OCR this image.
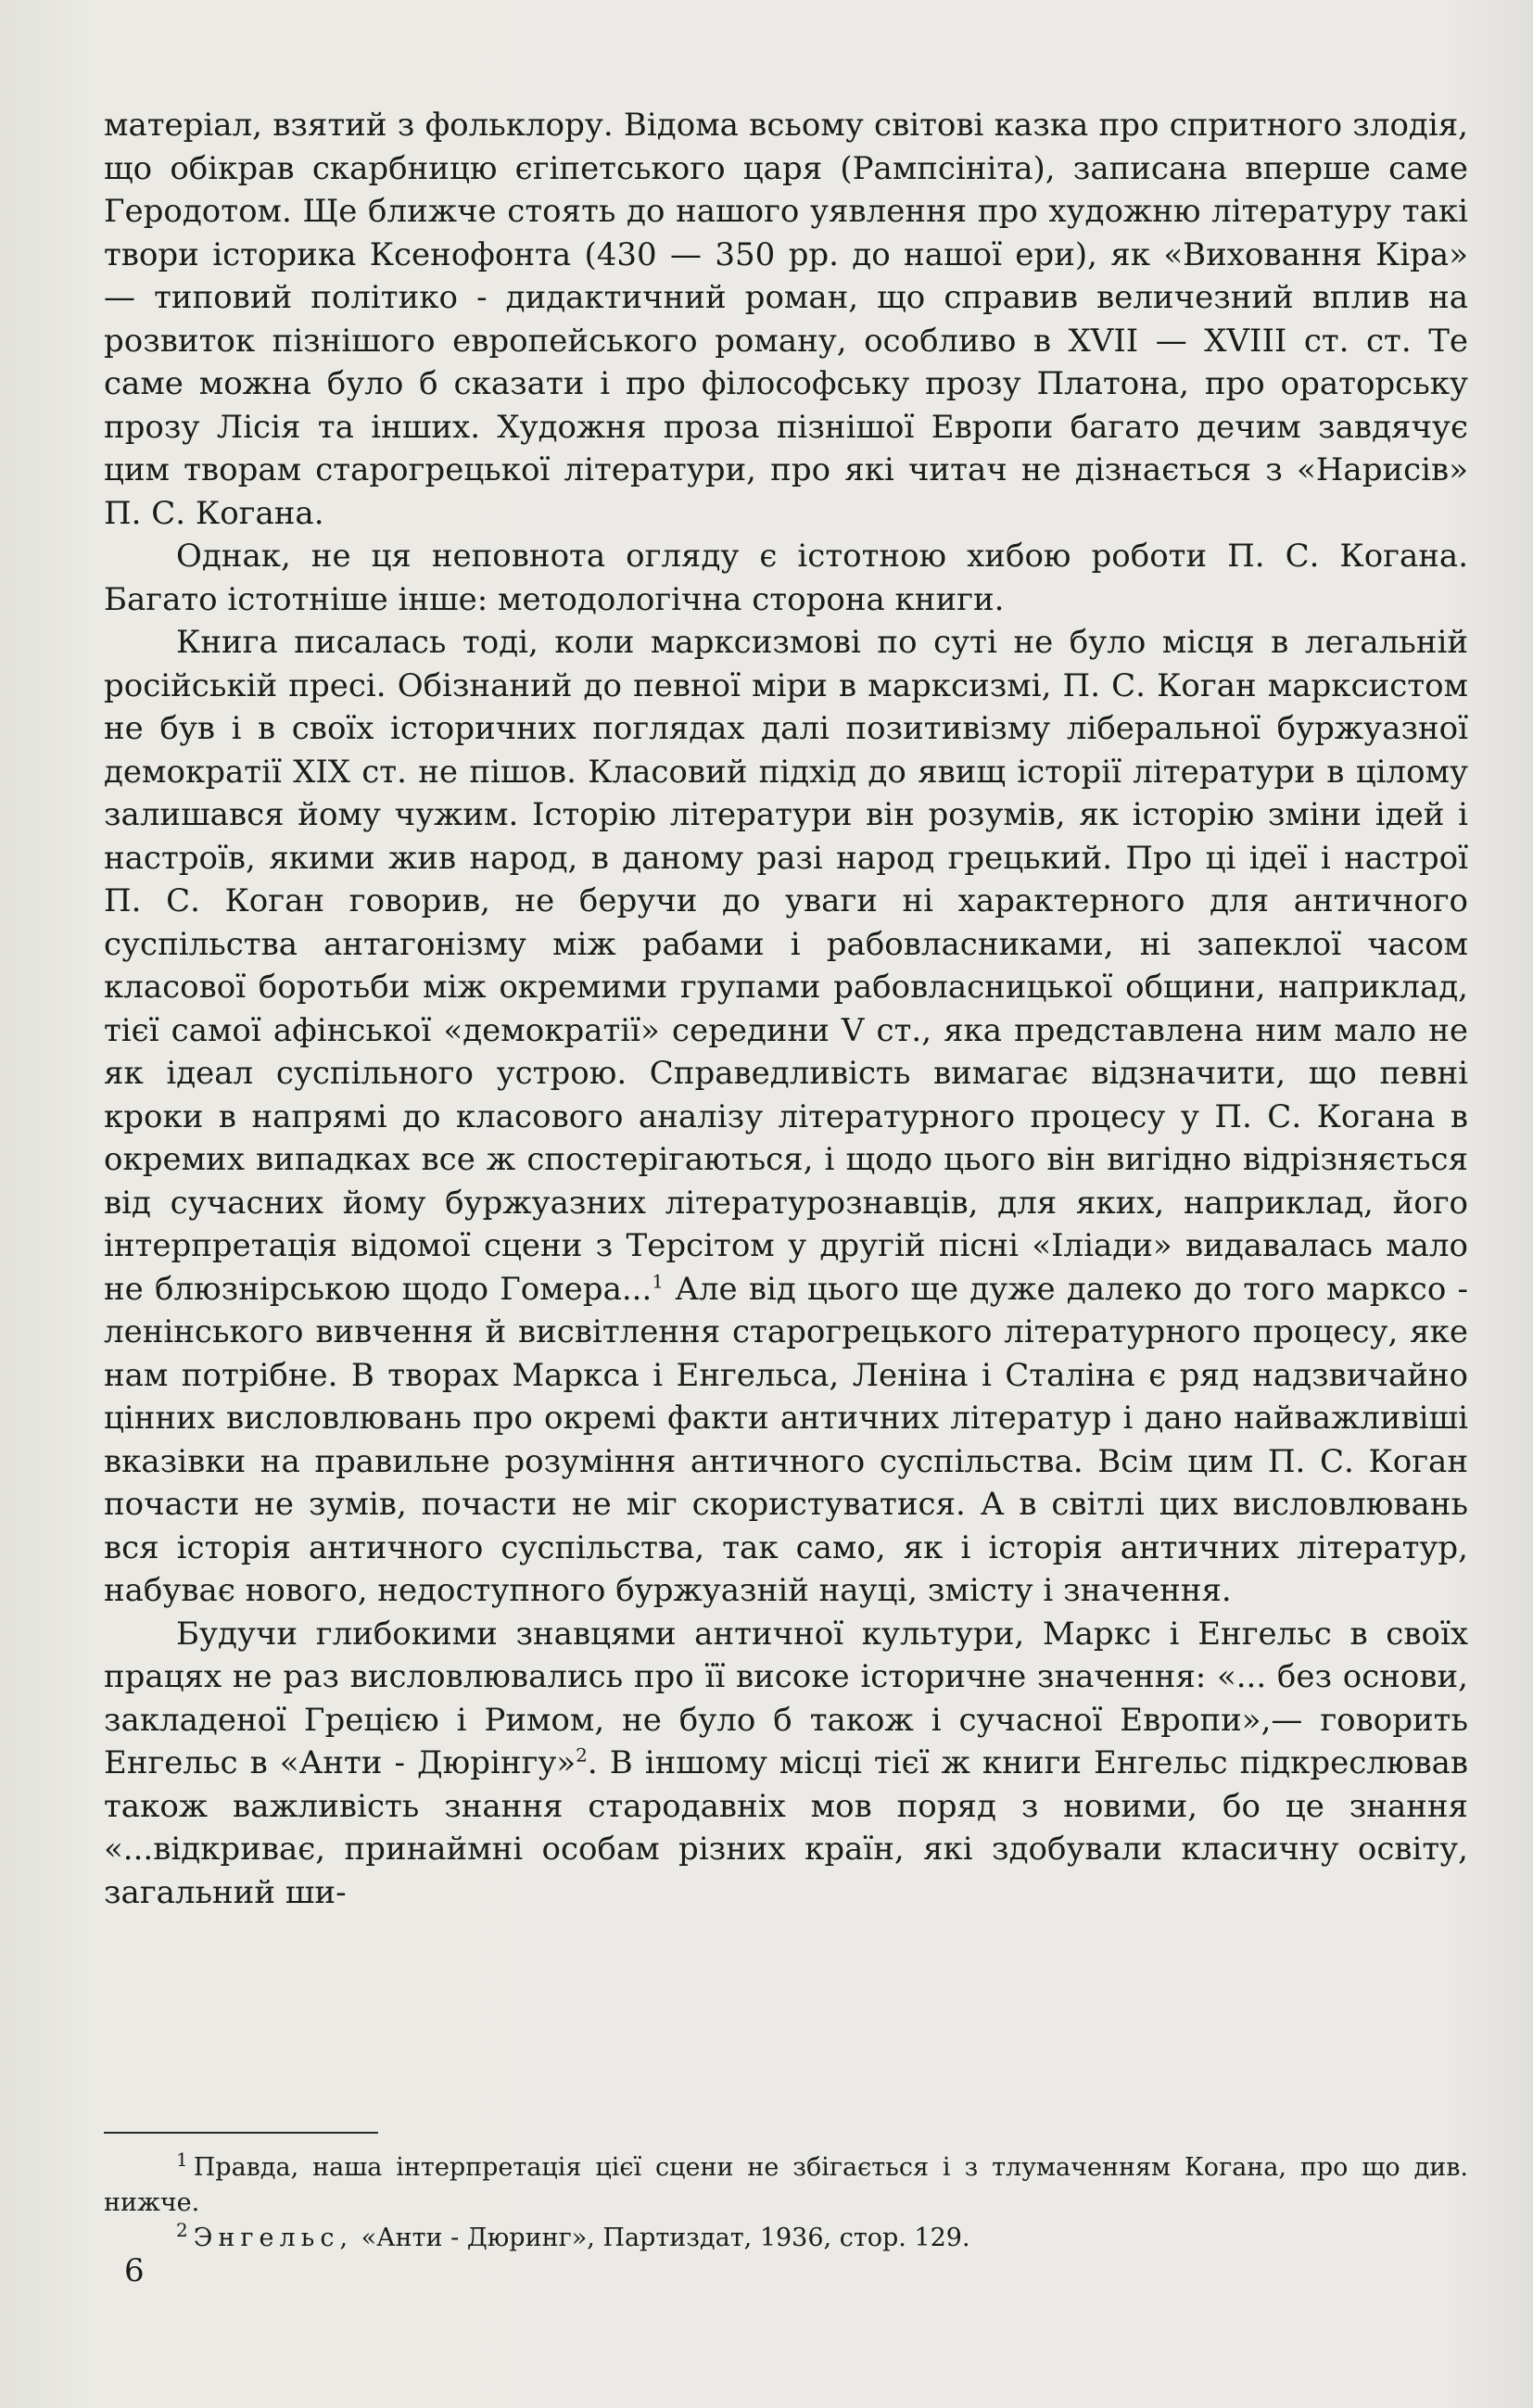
матеріал, взятий з фольклору. Відома всьому світові казка про спритного злодія, що обікрав скарбницю єгіпетського царя (Рампсініта), записана вперше саме Геродотом. Ще ближче стоять до нашого уявлення про художню літературу такі твори історика Ксенофонта (430 — 350 рр. до нашої ери), як «Виховання Кіра» — типовий політико - дидактичний роман, що справив величезний вплив на розвиток пізнішого европейського роману, особливо в XVII — XVIII ст. ст. Те саме можна було б сказати і про філософську прозу Платона, про ораторську прозу Лісія та інших. Художня проза пізнішої Европи багато дечим завдячує цим творам старогрецької літератури, про які читач не дізнається з «Нарисів» П. С. Когана.

Однак, не ця неповнота огляду є істотною хибою роботи П. С. Когана. Багато істотніше інше: методологічна сторона книги.

Книга писалась тоді, коли марксизмові по суті не було місця в легальній російській пресі. Обізнаний до певної міри в марксизмі, П. С. Коган марксистом не був і в своїх історичних поглядах далі позитивізму ліберальної буржуазної демократії XIX ст. не пішов. Класовий підхід до явищ історії літератури в цілому залишався йому чужим. Історію літератури він розумів, як історію зміни ідей і настроїв, якими жив народ, в даному разі народ грецький. Про ці ідеї і настрої П. С. Коган говорив, не беручи до уваги ні характерного для античного суспільства антагонізму між рабами і рабовласниками, ні запеклої часом класової боротьби між окремими групами рабовласницької общини, наприклад, тієї самої афінської «демократії» середини V ст., яка представлена ним мало не як ідеал суспільного устрою. Справедливість вимагає відзначити, що певні кроки в напрямі до класового аналізу літературного процесу у П. С. Когана в окремих випадках все ж спостерігаються, і щодо цього він вигідно відрізняється від сучасних йому буржуазних літературознавців, для яких, наприклад, його інтерпретація відомої сцени з Терсітом у другій пісні «Іліади» видавалась мало не блюзнірською щодо Гомера...$^1$ Але від цього ще дуже далеко до того марксо - ленінського вивчення й висвітлення старогрецького літературного процесу, яке нам потрібне. В творах Маркса і Енгельса, Леніна і Сталіна є ряд надзвичайно цінних висловлювань про окремі факти античних літератур і дано найважливіші вказівки на правильне розуміння античного суспільства. Всім цим П. С. Коган почасти не зумів, почасти не міг скористуватися. А в світлі цих висловлювань вся історія античного суспільства, так само, як і історія античних літератур, набуває нового, недоступного буржуазній науці, змісту і значення.

Будучи глибокими знавцями античної культури, Маркс і Енгельс в своїх працях не раз висловлювались про її високе історичне значення: «... без основи, закладеної Грецією і Римом, не було б також і сучасної Европи»,— говорить Енгельс в «Анти - Дюрінгу»$^2$. В іншому місці тієї ж книги Енгельс підкреслював також важливість знання стародавніх мов поряд з новими, бо це знання «...відкриває, принаймні особам різних країн, які здобували класичну освіту, загальний ши-

$^1$ Правда, наша інтерпретація цієї сцени не збігається і з тлумаченням Когана, про що див. нижче.

$^2$ Энгельс, «Анти - Дюринг», Партиздат, 1936, стор. 129.

6
